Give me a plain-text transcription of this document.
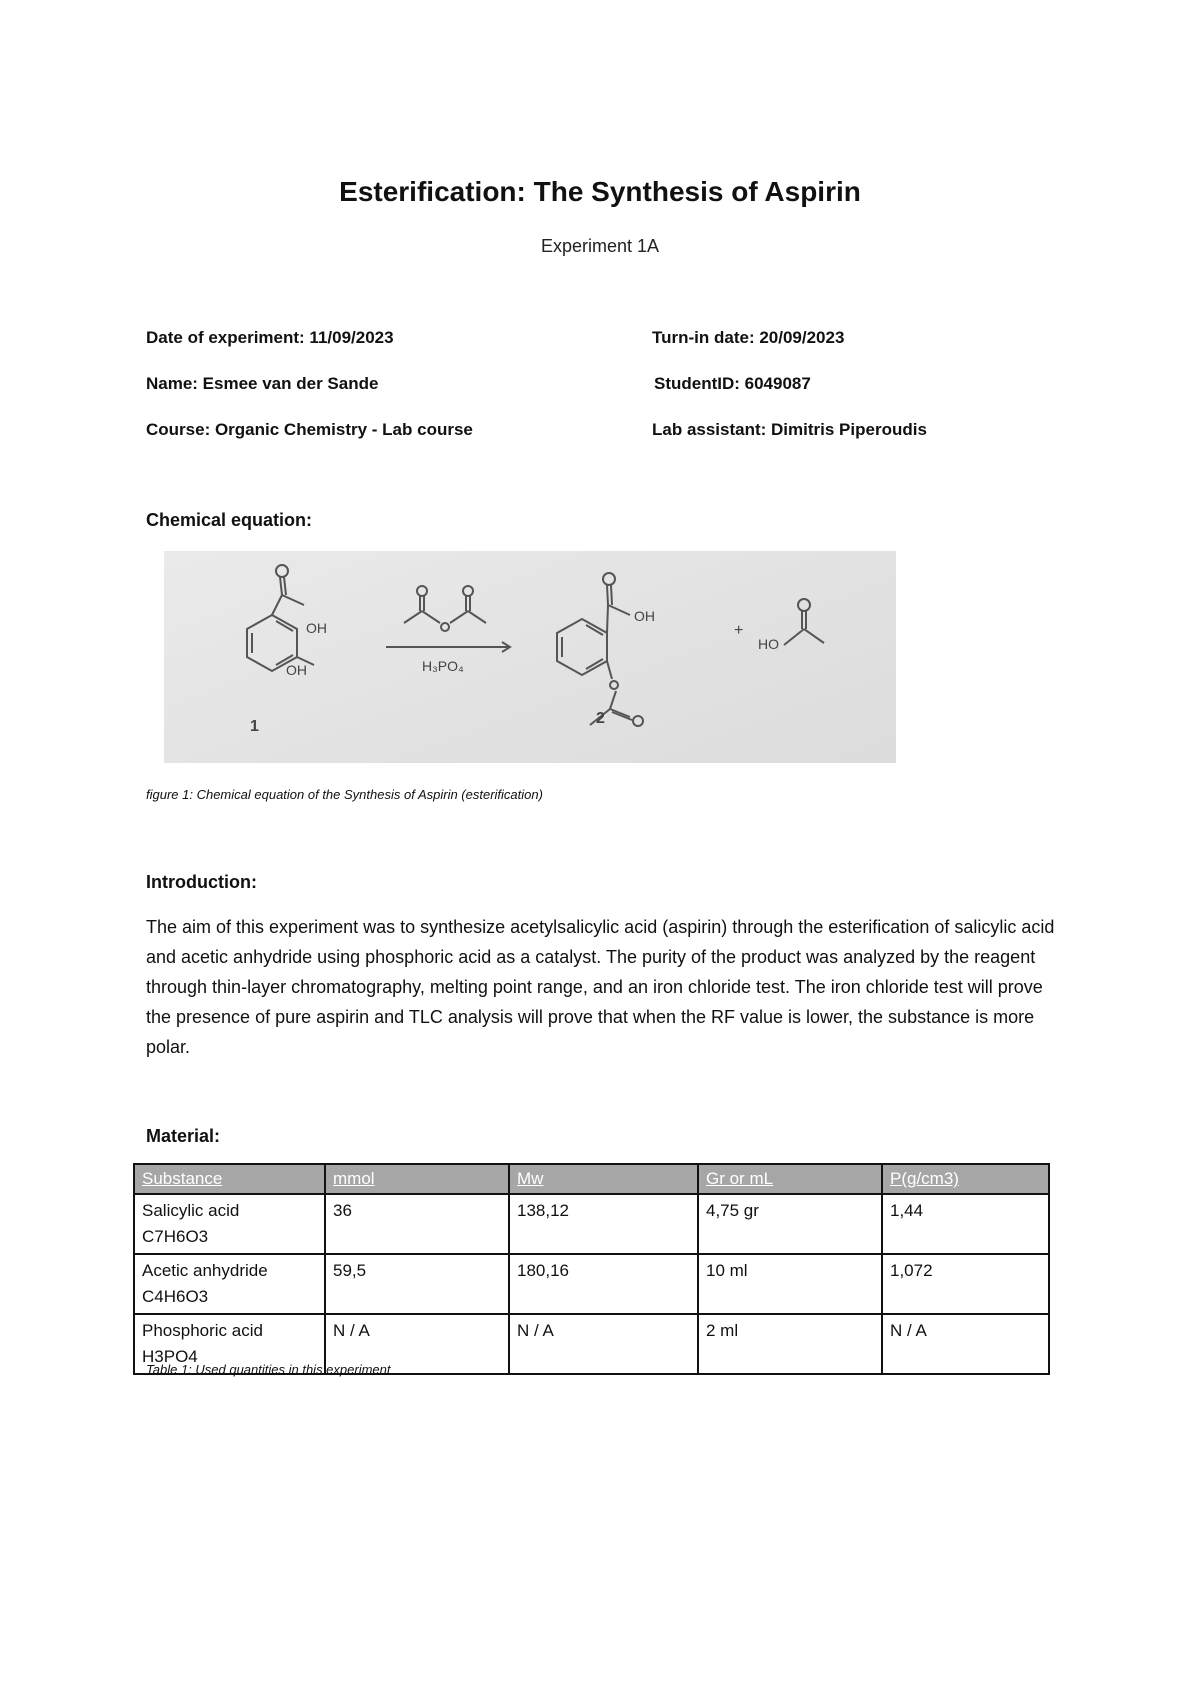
Esterification: The Synthesis of Aspirin
Experiment 1A
Date of experiment: 11/09/2023	Turn-in date: 20/09/2023
Name: Esmee van der Sande	StudentID: 6049087
Course: Organic Chemistry - Lab course	Lab assistant: Dimitris Piperoudis
Chemical equation:
OH
OH	H₃PO₄
OH
+
HO
1	2
figure 1: Chemical equation of the Synthesis of Aspirin (esterification)
Introduction:

The aim of this experiment was to synthesize acetylsalicylic acid (aspirin) through the esterification of salicylic acid and acetic anhydride using phosphoric acid as a catalyst. The purity of the product was analyzed by the reagent through thin-layer chromatography, melting point range, and an iron chloride test. The iron chloride test will prove the presence of pure aspirin and TLC analysis will prove that when the RF value is lower, the substance is more polar.

Material:
Substance	mmol	Mw	Gr or mL	P(g/cm3)

Salicylic acid
C7H6O3	36	138,12	4,75 gr	1,44

Acetic anhydride
C4H6O3	59,5	180,16	10 ml	1,072

Phosphoric acid
H3PO4	N / A	N / A	2 ml	N / A
Table 1: Used quantities in this experiment
